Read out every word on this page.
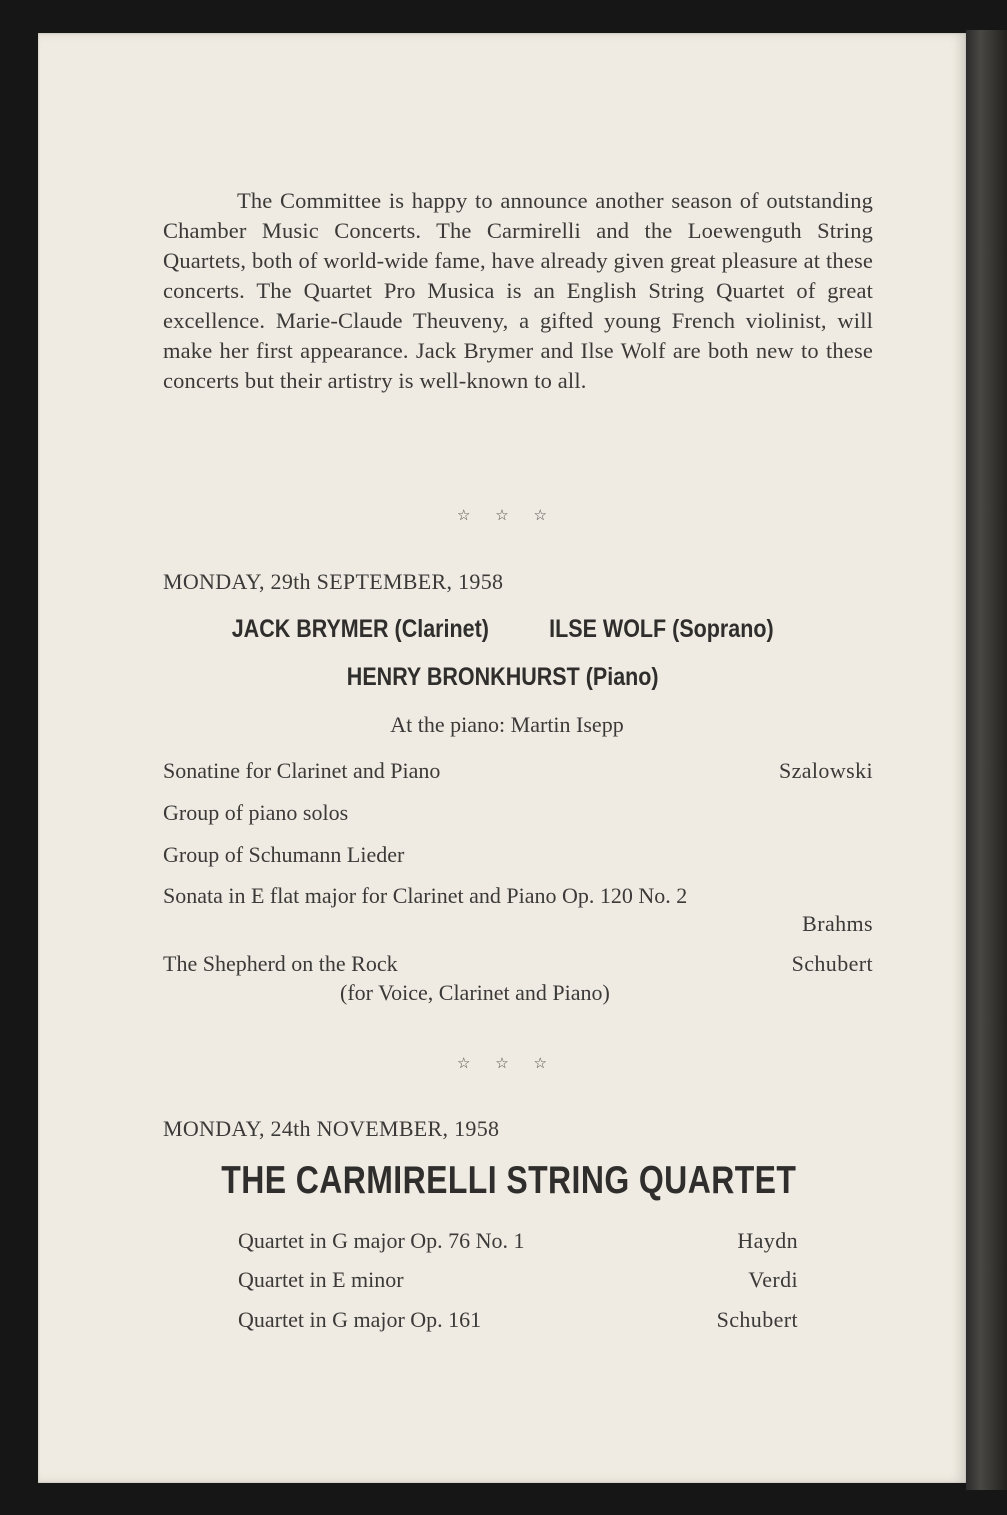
The Committee is happy to announce another season of outstanding Chamber Music Concerts. The Carmirelli and the Loewenguth String Quartets, both of world-wide fame, have already given great pleasure at these concerts. The Quartet Pro Musica is an English String Quartet of great excellence. Marie-Claude Theuveny, a gifted young French violinist, will make her first appearance. Jack Brymer and Ilse Wolf are both new to these concerts but their artistry is well-known to all.

☆ ☆ ☆
MONDAY, 29th SEPTEMBER, 1958
JACK BRYMER (Clarinet) ILSE WOLF (Soprano)
HENRY BRONKHURST (Piano)
At the piano: Martin Isepp
Sonatine for Clarinet and Piano	Szalowski
Group of piano solos
Group of Schumann Lieder
Sonata in E flat major for Clarinet and Piano Op. 120 No. 2
Brahms
The Shepherd on the Rock	Schubert
(for Voice, Clarinet and Piano)
☆ ☆ ☆
MONDAY, 24th NOVEMBER, 1958
THE CARMIRELLI STRING QUARTET
Quartet in G major Op. 76 No. 1	Haydn
Quartet in E minor	Verdi
Quartet in G major Op. 161	Schubert
